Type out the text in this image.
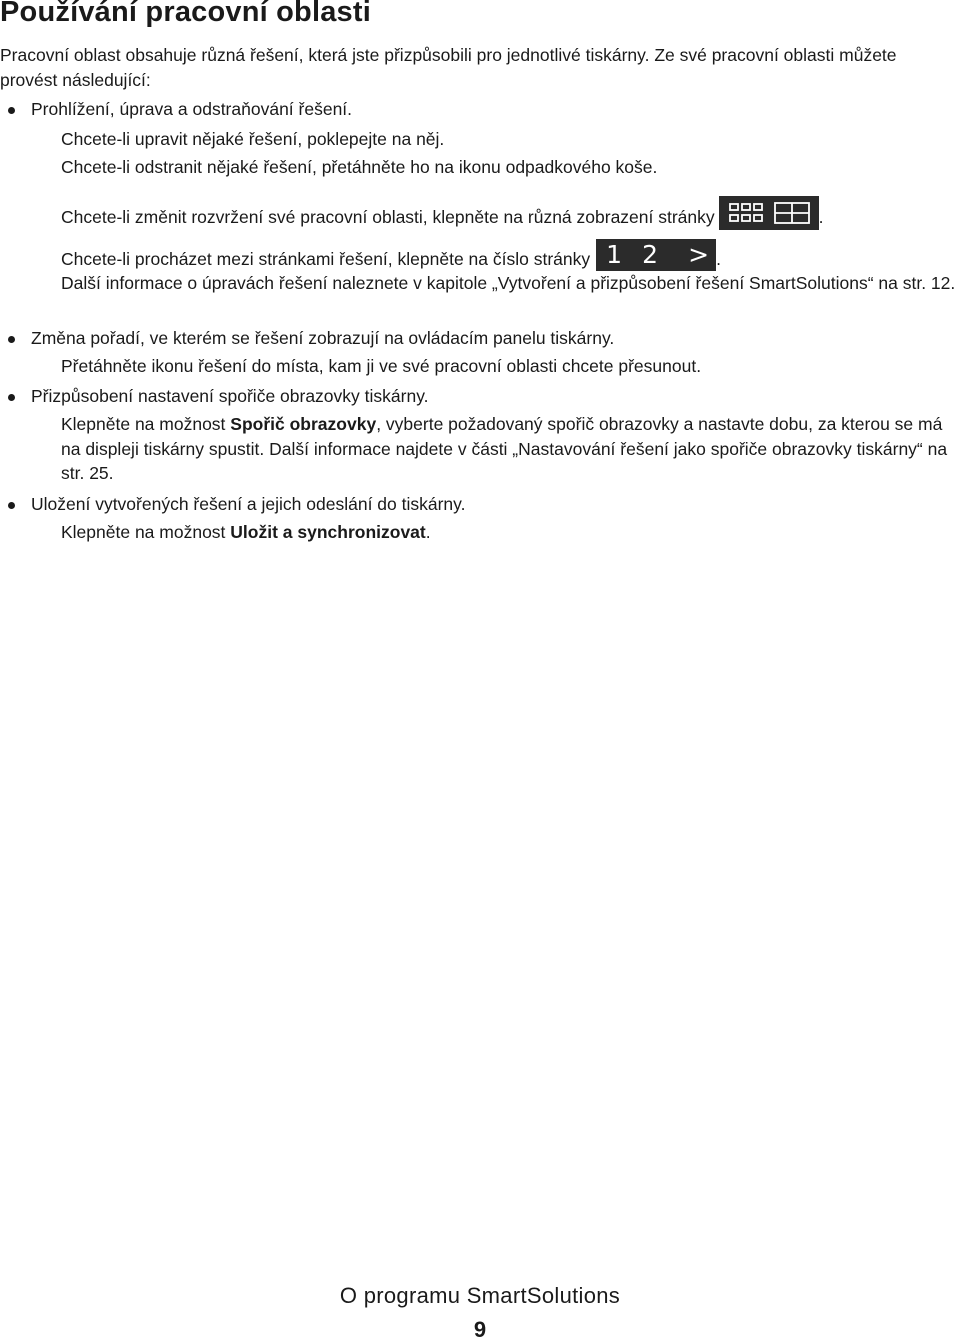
Používání pracovní oblasti

Pracovní oblast obsahuje různá řešení, která jste přizpůsobili pro jednotlivé tiskárny. Ze své pracovní oblasti můžete provést následující:

Prohlížení, úprava a odstraňování řešení.

Chcete-li upravit nějaké řešení, poklepejte na něj.

Chcete-li odstranit nějaké řešení, přetáhněte ho na ikonu odpadkového koše.

Chcete-li změnit rozvržení své pracovní oblasti, klepněte na různá zobrazení stránky	.

Chcete-li procházet mezi stránkami řešení, klepněte na číslo stránky 1 2 > .

Další informace o úpravách řešení naleznete v kapitole „Vytvoření a přizpůsobení řešení SmartSolutions“ na str. 12.

Změna pořadí, ve kterém se řešení zobrazují na ovládacím panelu tiskárny.

Přetáhněte ikonu řešení do místa, kam ji ve své pracovní oblasti chcete přesunout.

Přizpůsobení nastavení spořiče obrazovky tiskárny.

Klepněte na možnost Spořič obrazovky, vyberte požadovaný spořič obrazovky a nastavte dobu, za kterou se má na displeji tiskárny spustit. Další informace najdete v části „Nastavování řešení jako spořiče obrazovky tiskárny“ na str. 25.

Uložení vytvořených řešení a jejich odeslání do tiskárny.

Klepněte na možnost Uložit a synchronizovat.

O programu SmartSolutions
9
